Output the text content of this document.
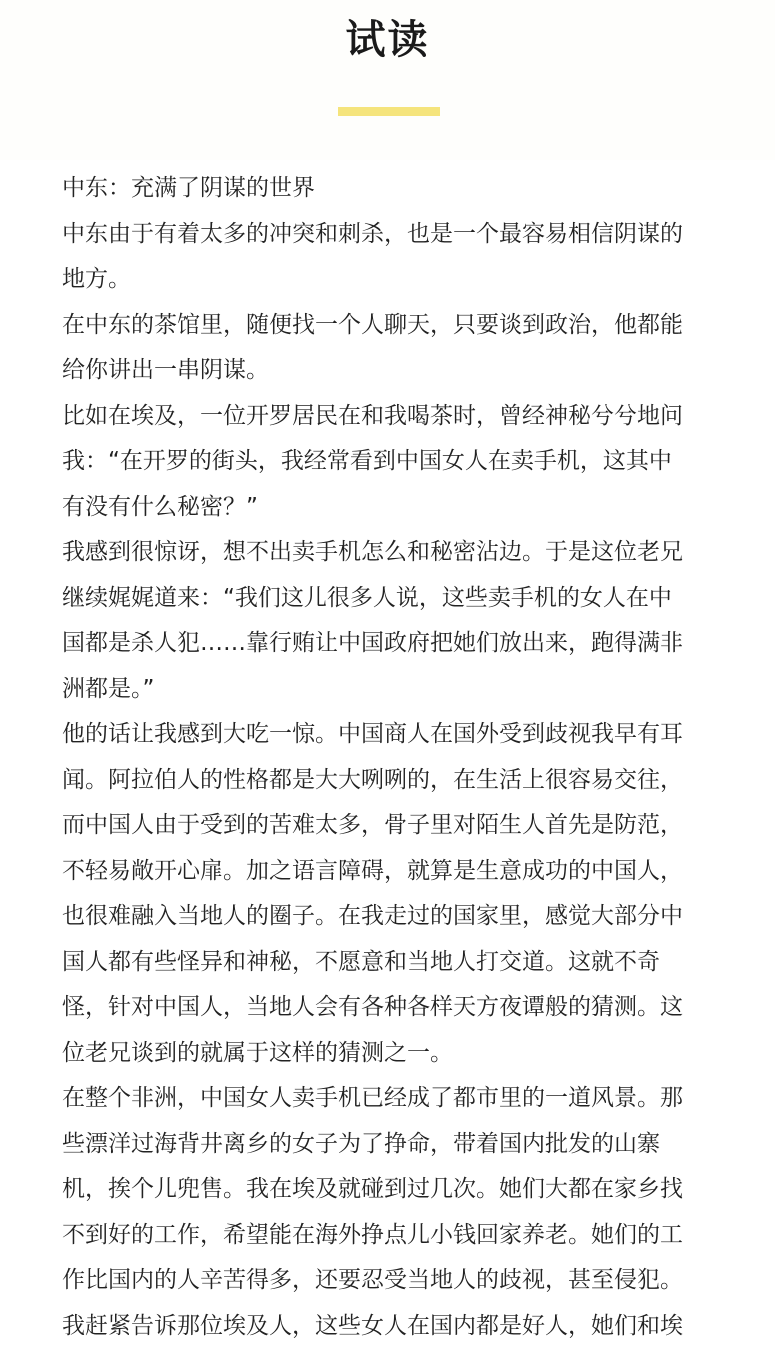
试读
中东：充满了阴谋的世界
中东由于有着太多的冲突和刺杀，也是一个最容易相信阴谋的
地方。
在中东的茶馆里，随便找一个人聊天，只要谈到政治，他都能
给你讲出一串阴谋。
比如在埃及，一位开罗居民在和我喝茶时，曾经神秘兮兮地问
我：“在开罗的街头，我经常看到中国女人在卖手机，这其中
有没有什么秘密？”
我感到很惊讶，想不出卖手机怎么和秘密沾边。于是这位老兄
继续娓娓道来：“我们这儿很多人说，这些卖手机的女人在中
国都是杀人犯……靠行贿让中国政府把她们放出来，跑得满非
洲都是。”
他的话让我感到大吃一惊。中国商人在国外受到歧视我早有耳
闻。阿拉伯人的性格都是大大咧咧的，在生活上很容易交往，
而中国人由于受到的苦难太多，骨子里对陌生人首先是防范，
不轻易敞开心扉。加之语言障碍，就算是生意成功的中国人，
也很难融入当地人的圈子。在我走过的国家里，感觉大部分中
国人都有些怪异和神秘，不愿意和当地人打交道。这就不奇
怪，针对中国人，当地人会有各种各样天方夜谭般的猜测。这
位老兄谈到的就属于这样的猜测之一。
在整个非洲，中国女人卖手机已经成了都市里的一道风景。那
些漂洋过海背井离乡的女子为了挣命，带着国内批发的山寨
机，挨个儿兜售。我在埃及就碰到过几次。她们大都在家乡找
不到好的工作，希望能在海外挣点儿小钱回家养老。她们的工
作比国内的人辛苦得多，还要忍受当地人的歧视，甚至侵犯。
我赶紧告诉那位埃及人，这些女人在国内都是好人，她们和埃
